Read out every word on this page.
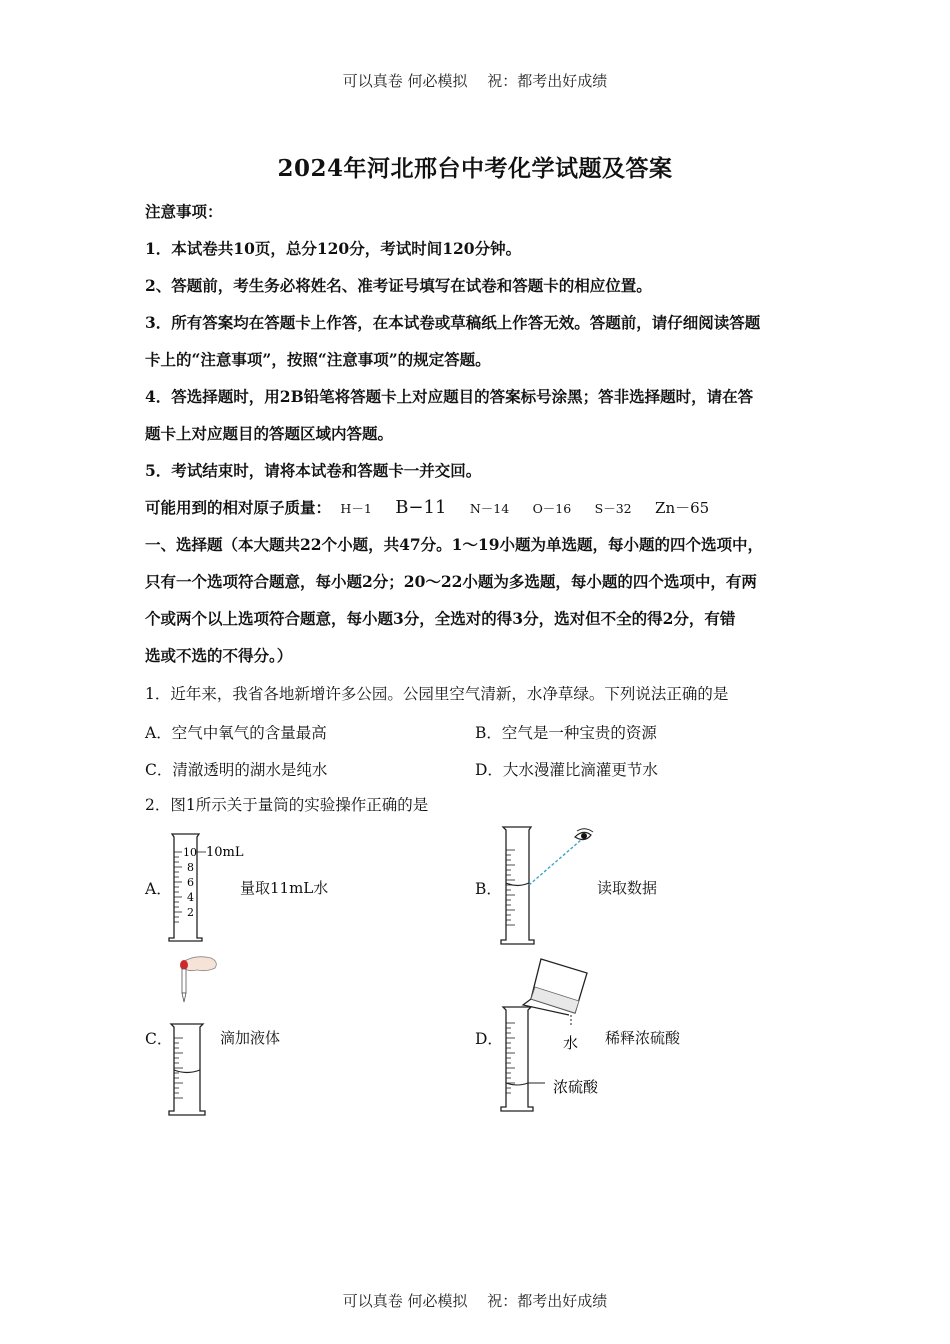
可以真卷 何必模拟　 祝：都考出好成绩
2024年河北邢台中考化学试题及答案
注意事项：
1．本试卷共10页，总分120分，考试时间120分钟。
2、答题前，考生务必将姓名、准考证号填写在试卷和答题卡的相应位置。
3．所有答案均在答题卡上作答，在本试卷或草稿纸上作答无效。答题前，请仔细阅读答题
卡上的“注意事项”，按照“注意事项”的规定答题。
4．答选择题时，用2B铅笔将答题卡上对应题目的答案标号涂黑；答非选择题时，请在答
题卡上对应题目的答题区域内答题。
5．考试结束时，请将本试卷和答题卡一并交回。
可能用到的相对原子质量： H－1 B−11 N－14 O－16 S－32 Zn－65
一、选择题（本大题共22个小题，共47分。1～19小题为单选题，每小题的四个选项中，
只有一个选项符合题意，每小题2分；20～22小题为多选题，每小题的四个选项中，有两
个或两个以上选项符合题意，每小题3分，全选对的得3分，选对但不全的得2分，有错
选或不选的不得分。）
1．近年来，我省各地新增许多公园。公园里空气清新，水净草绿。下列说法正确的是
A．空气中氧气的含量最高	B．空气是一种宝贵的资源
C．清澈透明的湖水是纯水	D．大水漫灌比滴灌更节水
2．图1所示关于量筒的实验操作正确的是
A．	量取11mL水
10
8
6
4
2
10mL
B．	读取数据
C．	滴加液体	D．	稀释浓硫酸
水
浓硫酸
可以真卷 何必模拟　 祝：都考出好成绩
